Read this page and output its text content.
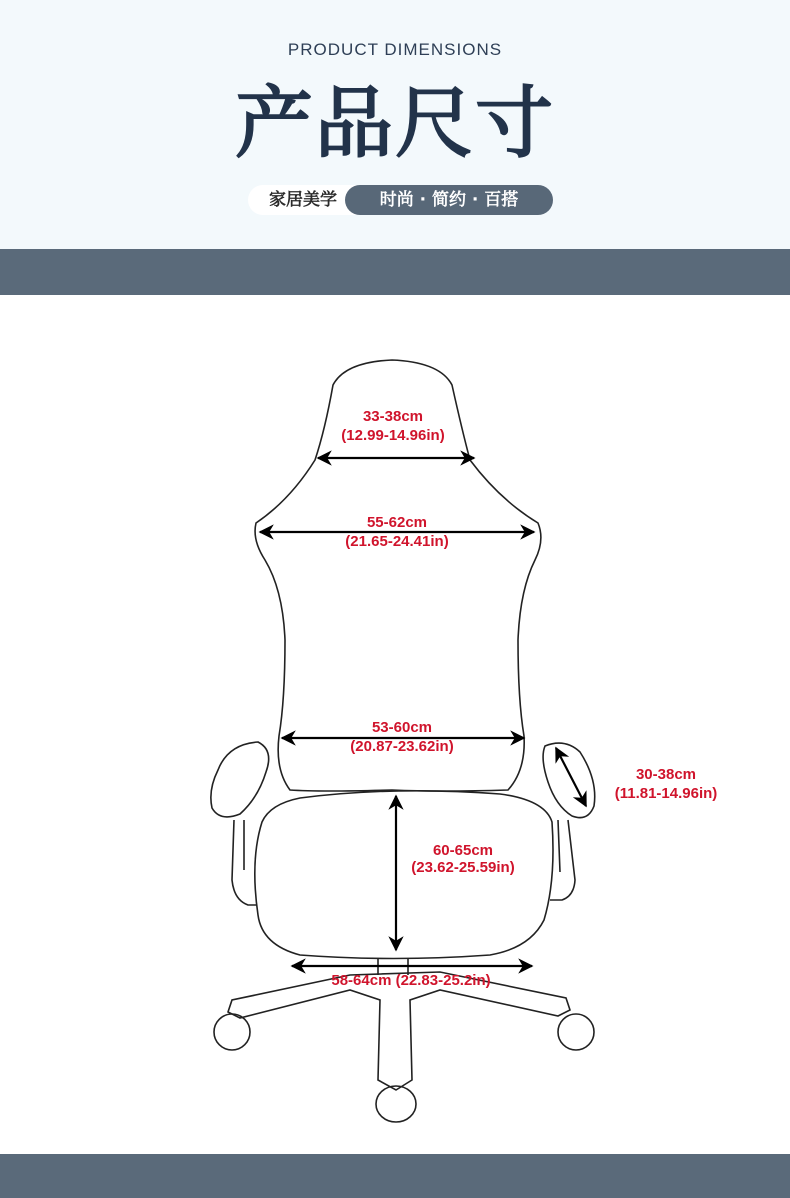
PRODUCT DIMENSIONS
产品尺寸
家居美学	时尚 · 简约 · 百搭
33-38cm
(12.99-14.96in)
55-62cm
(21.65-24.41in)
53-60cm
(20.87-23.62in)
30-38cm
(11.81-14.96in)
60-65cm
(23.62-25.59in)
58-64cm (22.83-25.2in)
